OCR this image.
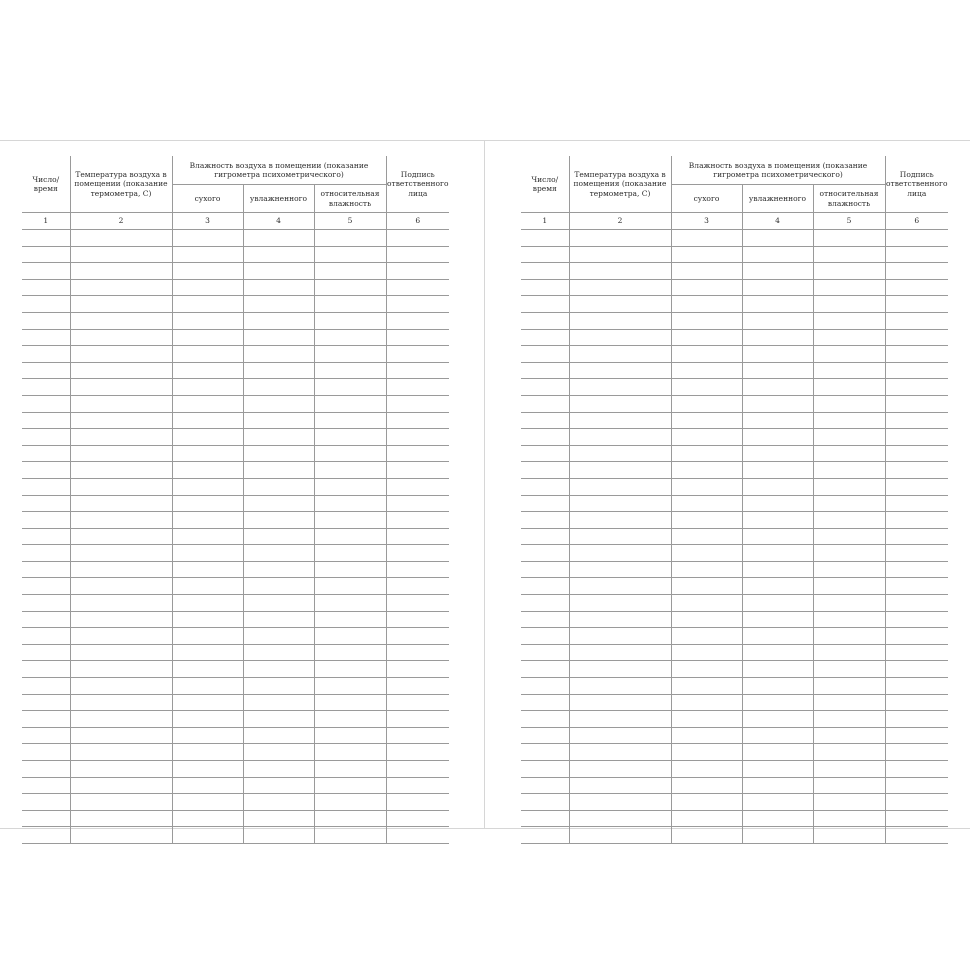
Число/ время	Температура воздуха в помещении (показание термометра, С)	Влажность воздуха в помещении (показание гигрометра психометрического)			Подпись ответственного лица
		сухого	увлажненного	относительная влажность	
1	2	3	4	5	6

Число/ время	Температура воздуха в помещения (показание термометра, С)	Влажность воздуха в помещения (показание гигрометра психометрического)			Подпись ответственного лица
		сухого	увлажненного	относительная влажность	
1	2	3	4	5	6
